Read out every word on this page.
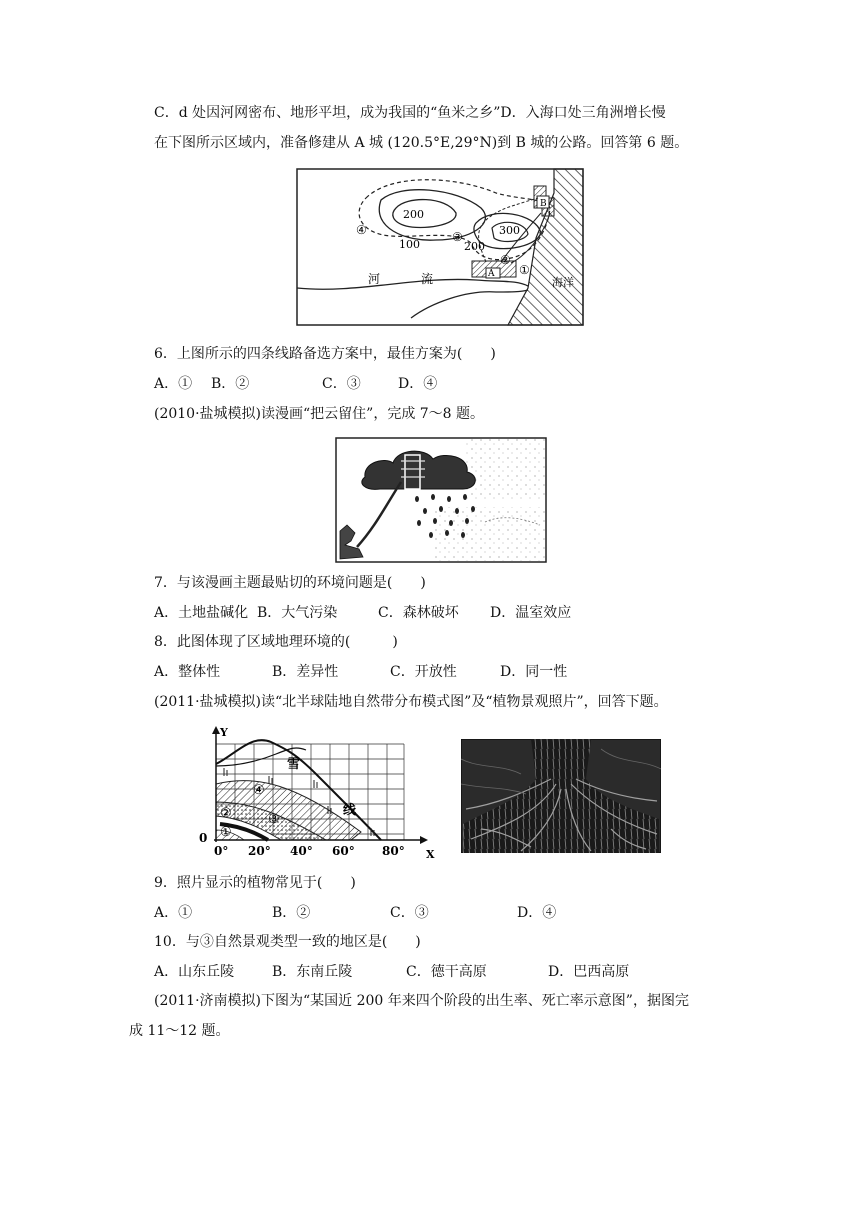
C．d 处因河网密布、地形平坦，成为我国的“鱼米之乡”D．入海口处三角洲增长慢
在下图所示区域内，准备修建从 A 城 (120.5°E,29°N)到 B 城的公路。回答第 6 题。
200
100	200
300
④	③
②
①
A
B
河	流	海洋
6．上图所示的四条线路备选方案中，最佳方案为(　　)
A．① B．②	C．③	D．④
(2010·盐城模拟)读漫画“把云留住”，完成 7～8 题。
7．与该漫画主题最贴切的环境问题是(　　)
A．土地盐碱化 B．大气污染	C．森林破坏 D．温室效应
8．此图体现了区域地理环境的(　　　)
A．整体性	B．差异性	C．开放性	D．同一性
(2011·盐城模拟)读“北半球陆地自然带分布模式图”及“植物景观照片”，回答下题。
Y
0
雪
线
④
③
②
①
0° 20° 40° 60° 80° X
9．照片显示的植物常见于(　　)
A．①	B．②	C．③	D．④
10．与③自然景观类型一致的地区是(　　)
A．山东丘陵	B．东南丘陵	C．德干高原	D．巴西高原
(2011·济南模拟)下图为“某国近 200 年来四个阶段的出生率、死亡率示意图”，据图完
成 11～12 题。
